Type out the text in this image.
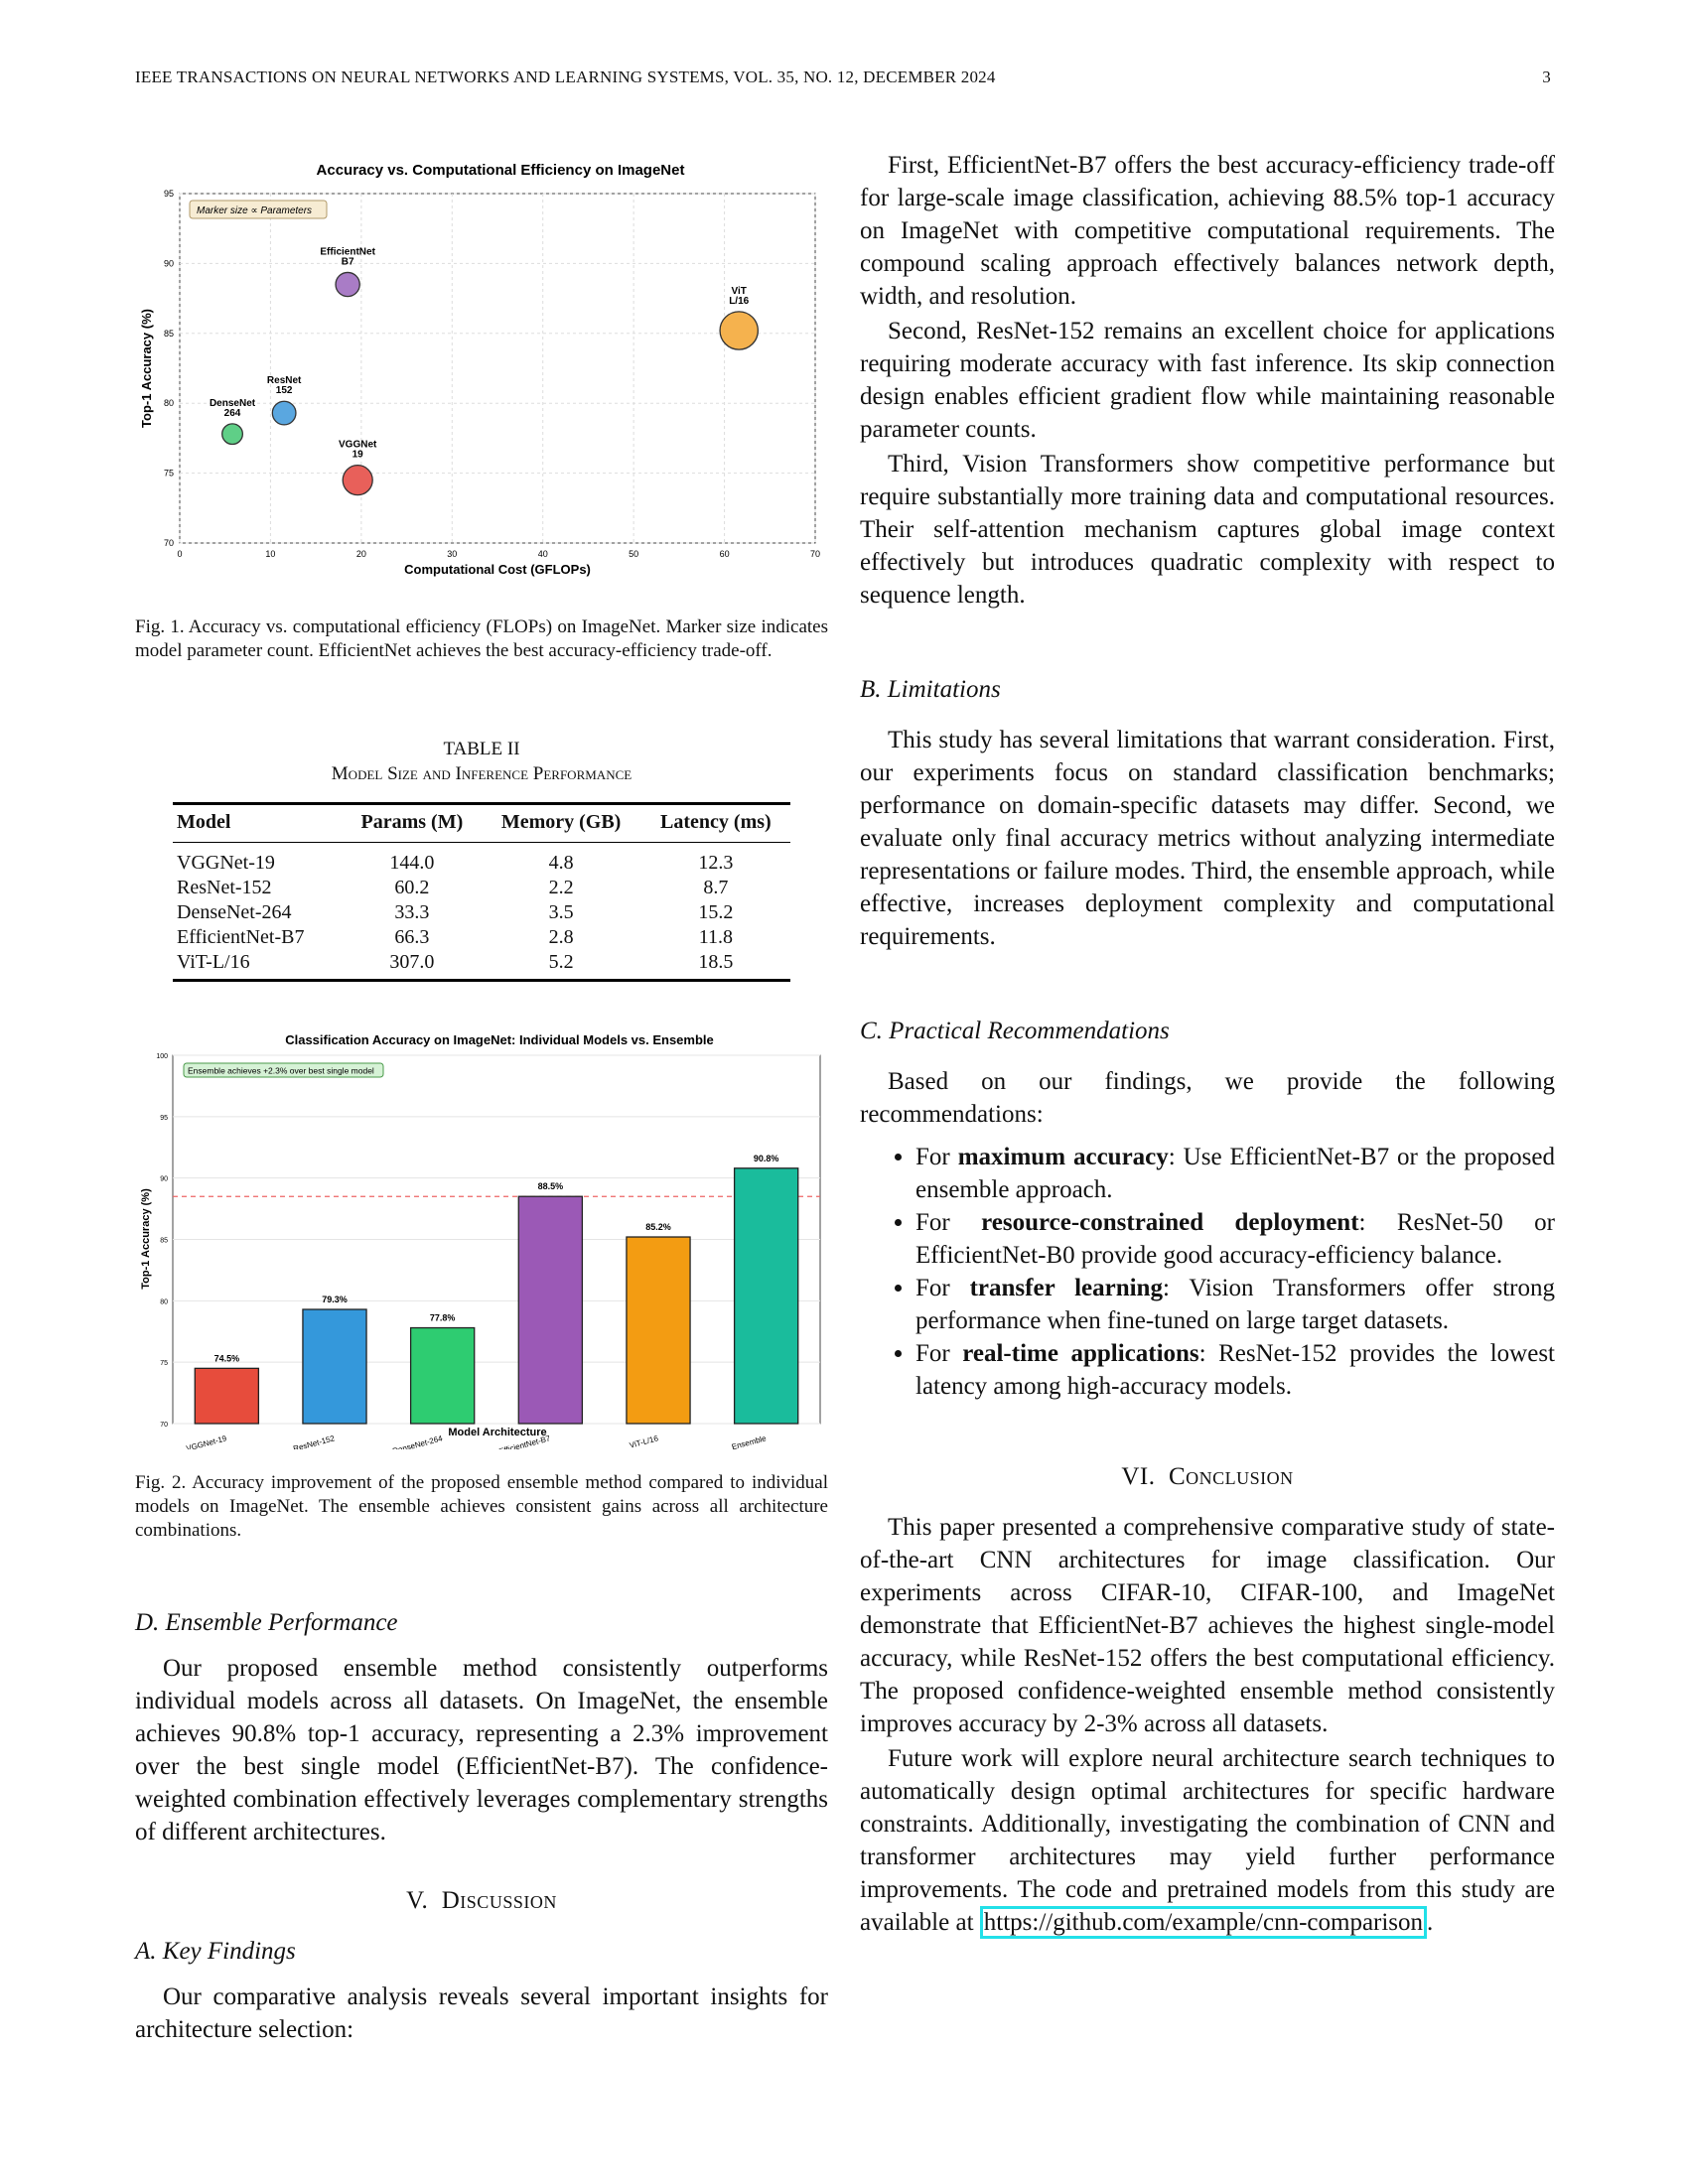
IEEE TRANSACTIONS ON NEURAL NETWORKS AND LEARNING SYSTEMS, VOL. 35, NO. 12, DECEMBER 2024	3
Accuracy vs. Computational Efficiency on ImageNet
0	10	20	30	40	50	60	70
70
75
80
85
90
95
Marker size ∝ Parameters
VGGNet
19
ResNet
152
DenseNet
264
EfficientNet
B7
ViT
L/16
Computational Cost (GFLOPs)
Top-1 Accuracy (%)

Fig. 1. Accuracy vs. computational efficiency (FLOPs) on ImageNet. Marker size indicates model parameter count. EfficientNet achieves the best accuracy-efficiency trade-off.

TABLE II
Model Size and Inference Performance
Model	Params (M)	Memory (GB)	Latency (ms)
VGGNet-19	144.0	4.8	12.3
ResNet-152	60.2	2.2	8.7
DenseNet-264	33.3	3.5	15.2
EfficientNet-B7	66.3	2.8	11.8
ViT-L/16	307.0	5.2	18.5
Classification Accuracy on ImageNet: Individual Models vs. Ensemble
70
75
80
85
90
95
100
Ensemble achieves +2.3% over best single model
74.5%
VGGNet-19
79.3%
ResNet-152
77.8%
DenseNet-264
88.5%
EfficientNet-B7
85.2%
ViT-L/16
90.8%
Ensemble
Model Architecture
Top-1 Accuracy (%)

Fig. 2. Accuracy improvement of the proposed ensemble method compared to individual models on ImageNet. The ensemble achieves consistent gains across all architecture combinations.

D. Ensemble Performance

Our proposed ensemble method consistently outperforms individual models across all datasets. On ImageNet, the ensemble achieves 90.8% top-1 accuracy, representing a 2.3% improvement over the best single model (EfficientNet-B7). The confidence-weighted combination effectively leverages complementary strengths of different architectures.

V. Discussion

A. Key Findings

Our comparative analysis reveals several important insights for architecture selection:

First, EfficientNet-B7 offers the best accuracy-efficiency trade-off for large-scale image classification, achieving 88.5% top-1 accuracy on ImageNet with competitive computational requirements. The compound scaling approach effectively balances network depth, width, and resolution.

Second, ResNet-152 remains an excellent choice for applications requiring moderate accuracy with fast inference. Its skip connection design enables efficient gradient flow while maintaining reasonable parameter counts.

Third, Vision Transformers show competitive performance but require substantially more training data and computational resources. Their self-attention mechanism captures global image context effectively but introduces quadratic complexity with respect to sequence length.

B. Limitations

This study has several limitations that warrant consideration. First, our experiments focus on standard classification benchmarks; performance on domain-specific datasets may differ. Second, we evaluate only final accuracy metrics without analyzing intermediate representations or failure modes. Third, the ensemble approach, while effective, increases deployment complexity and computational requirements.

C. Practical Recommendations

Based on our findings, we provide the following recommendations:

• For maximum accuracy: Use EfficientNet-B7 or the proposed ensemble approach.
• For resource-constrained deployment: ResNet-50 or EfficientNet-B0 provide good accuracy-efficiency balance.
• For transfer learning: Vision Transformers offer strong performance when fine-tuned on large target datasets.
• For real-time applications: ResNet-152 provides the lowest latency among high-accuracy models.

VI. Conclusion

This paper presented a comprehensive comparative study of state-of-the-art CNN architectures for image classification. Our experiments across CIFAR-10, CIFAR-100, and ImageNet demonstrate that EfficientNet-B7 achieves the highest single-model accuracy, while ResNet-152 offers the best computational efficiency. The proposed confidence-weighted ensemble method consistently improves accuracy by 2-3% across all datasets.

Future work will explore neural architecture search techniques to automatically design optimal architectures for specific hardware constraints. Additionally, investigating the combination of CNN and transformer architectures may yield further performance improvements. The code and pretrained models from this study are available at https://github.com/example/cnn-comparison .
